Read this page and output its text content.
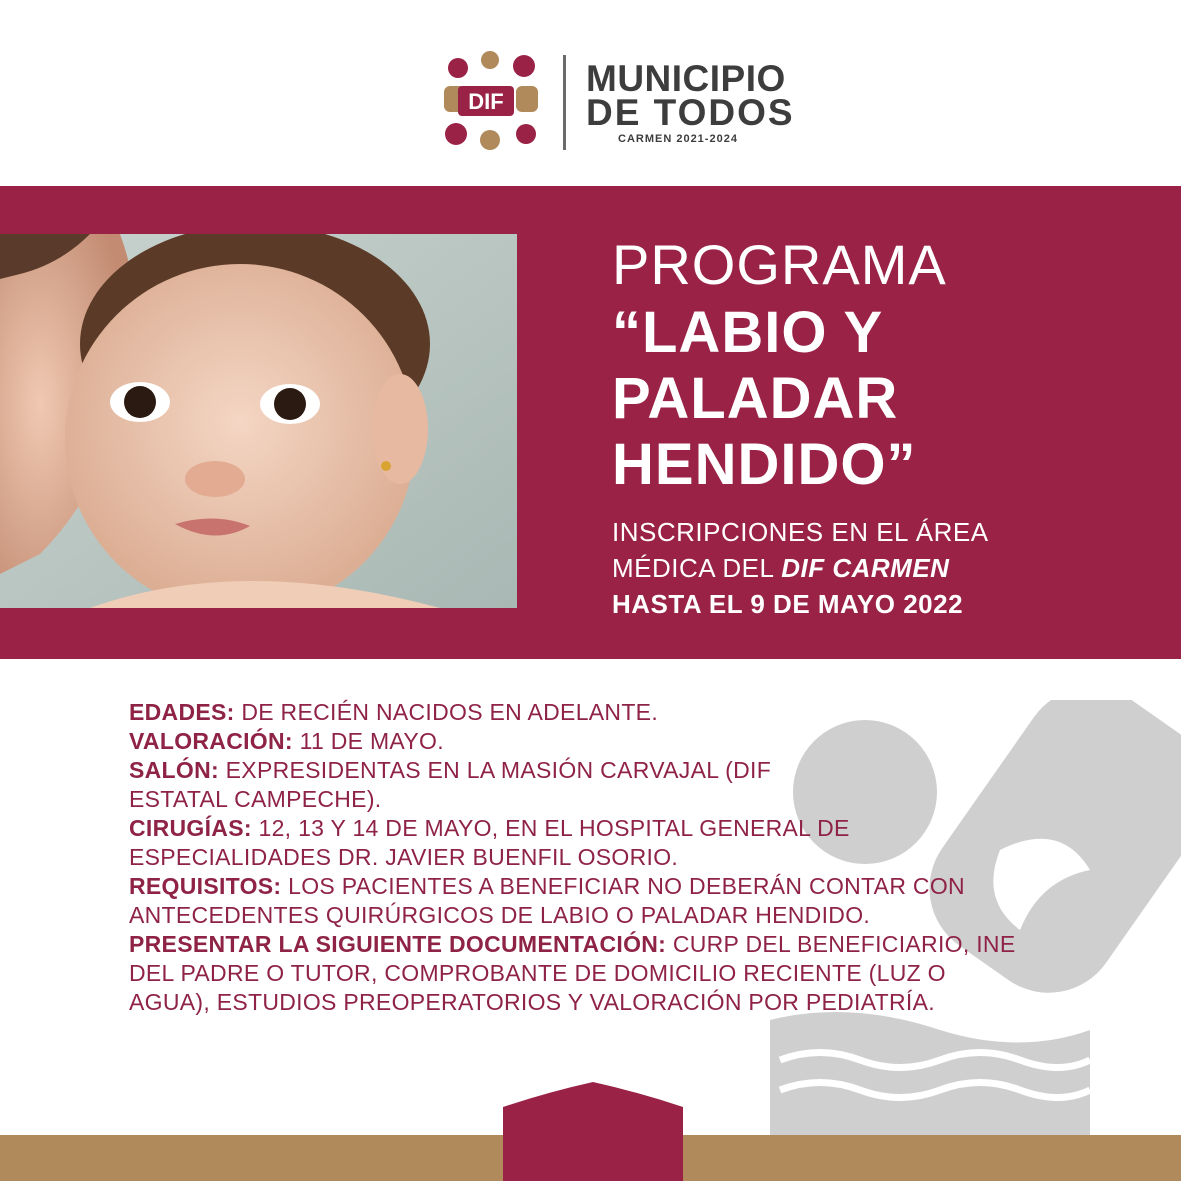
DIF
MUNICIPIO
DE TODOS
CARMEN 2021-2024
PROGRAMA
“LABIO Y
PALADAR
HENDIDO”
INSCRIPCIONES EN EL ÁREA
MÉDICA DEL DIF CARMEN
HASTA EL 9 DE MAYO 2022

EDADES: DE RECIÉN NACIDOS EN ADELANTE.

VALORACIÓN: 11 DE MAYO.

SALÓN: EXPRESIDENTAS EN LA MASIÓN CARVAJAL (DIF ESTATAL CAMPECHE).

CIRUGÍAS: 12, 13 Y 14 DE MAYO, EN EL HOSPITAL GENERAL DE ESPECIALIDADES DR. JAVIER BUENFIL OSORIO.

REQUISITOS: LOS PACIENTES A BENEFICIAR NO DEBERÁN CONTAR CON ANTECEDENTES QUIRÚRGICOS DE LABIO O PALADAR HENDIDO.

PRESENTAR LA SIGUIENTE DOCUMENTACIÓN: CURP DEL BENEFICIARIO, INE DEL PADRE O TUTOR, COMPROBANTE DE DOMICILIO RECIENTE (LUZ O AGUA), ESTUDIOS PREOPERATORIOS Y VALORACIÓN POR PEDIATRÍA.
